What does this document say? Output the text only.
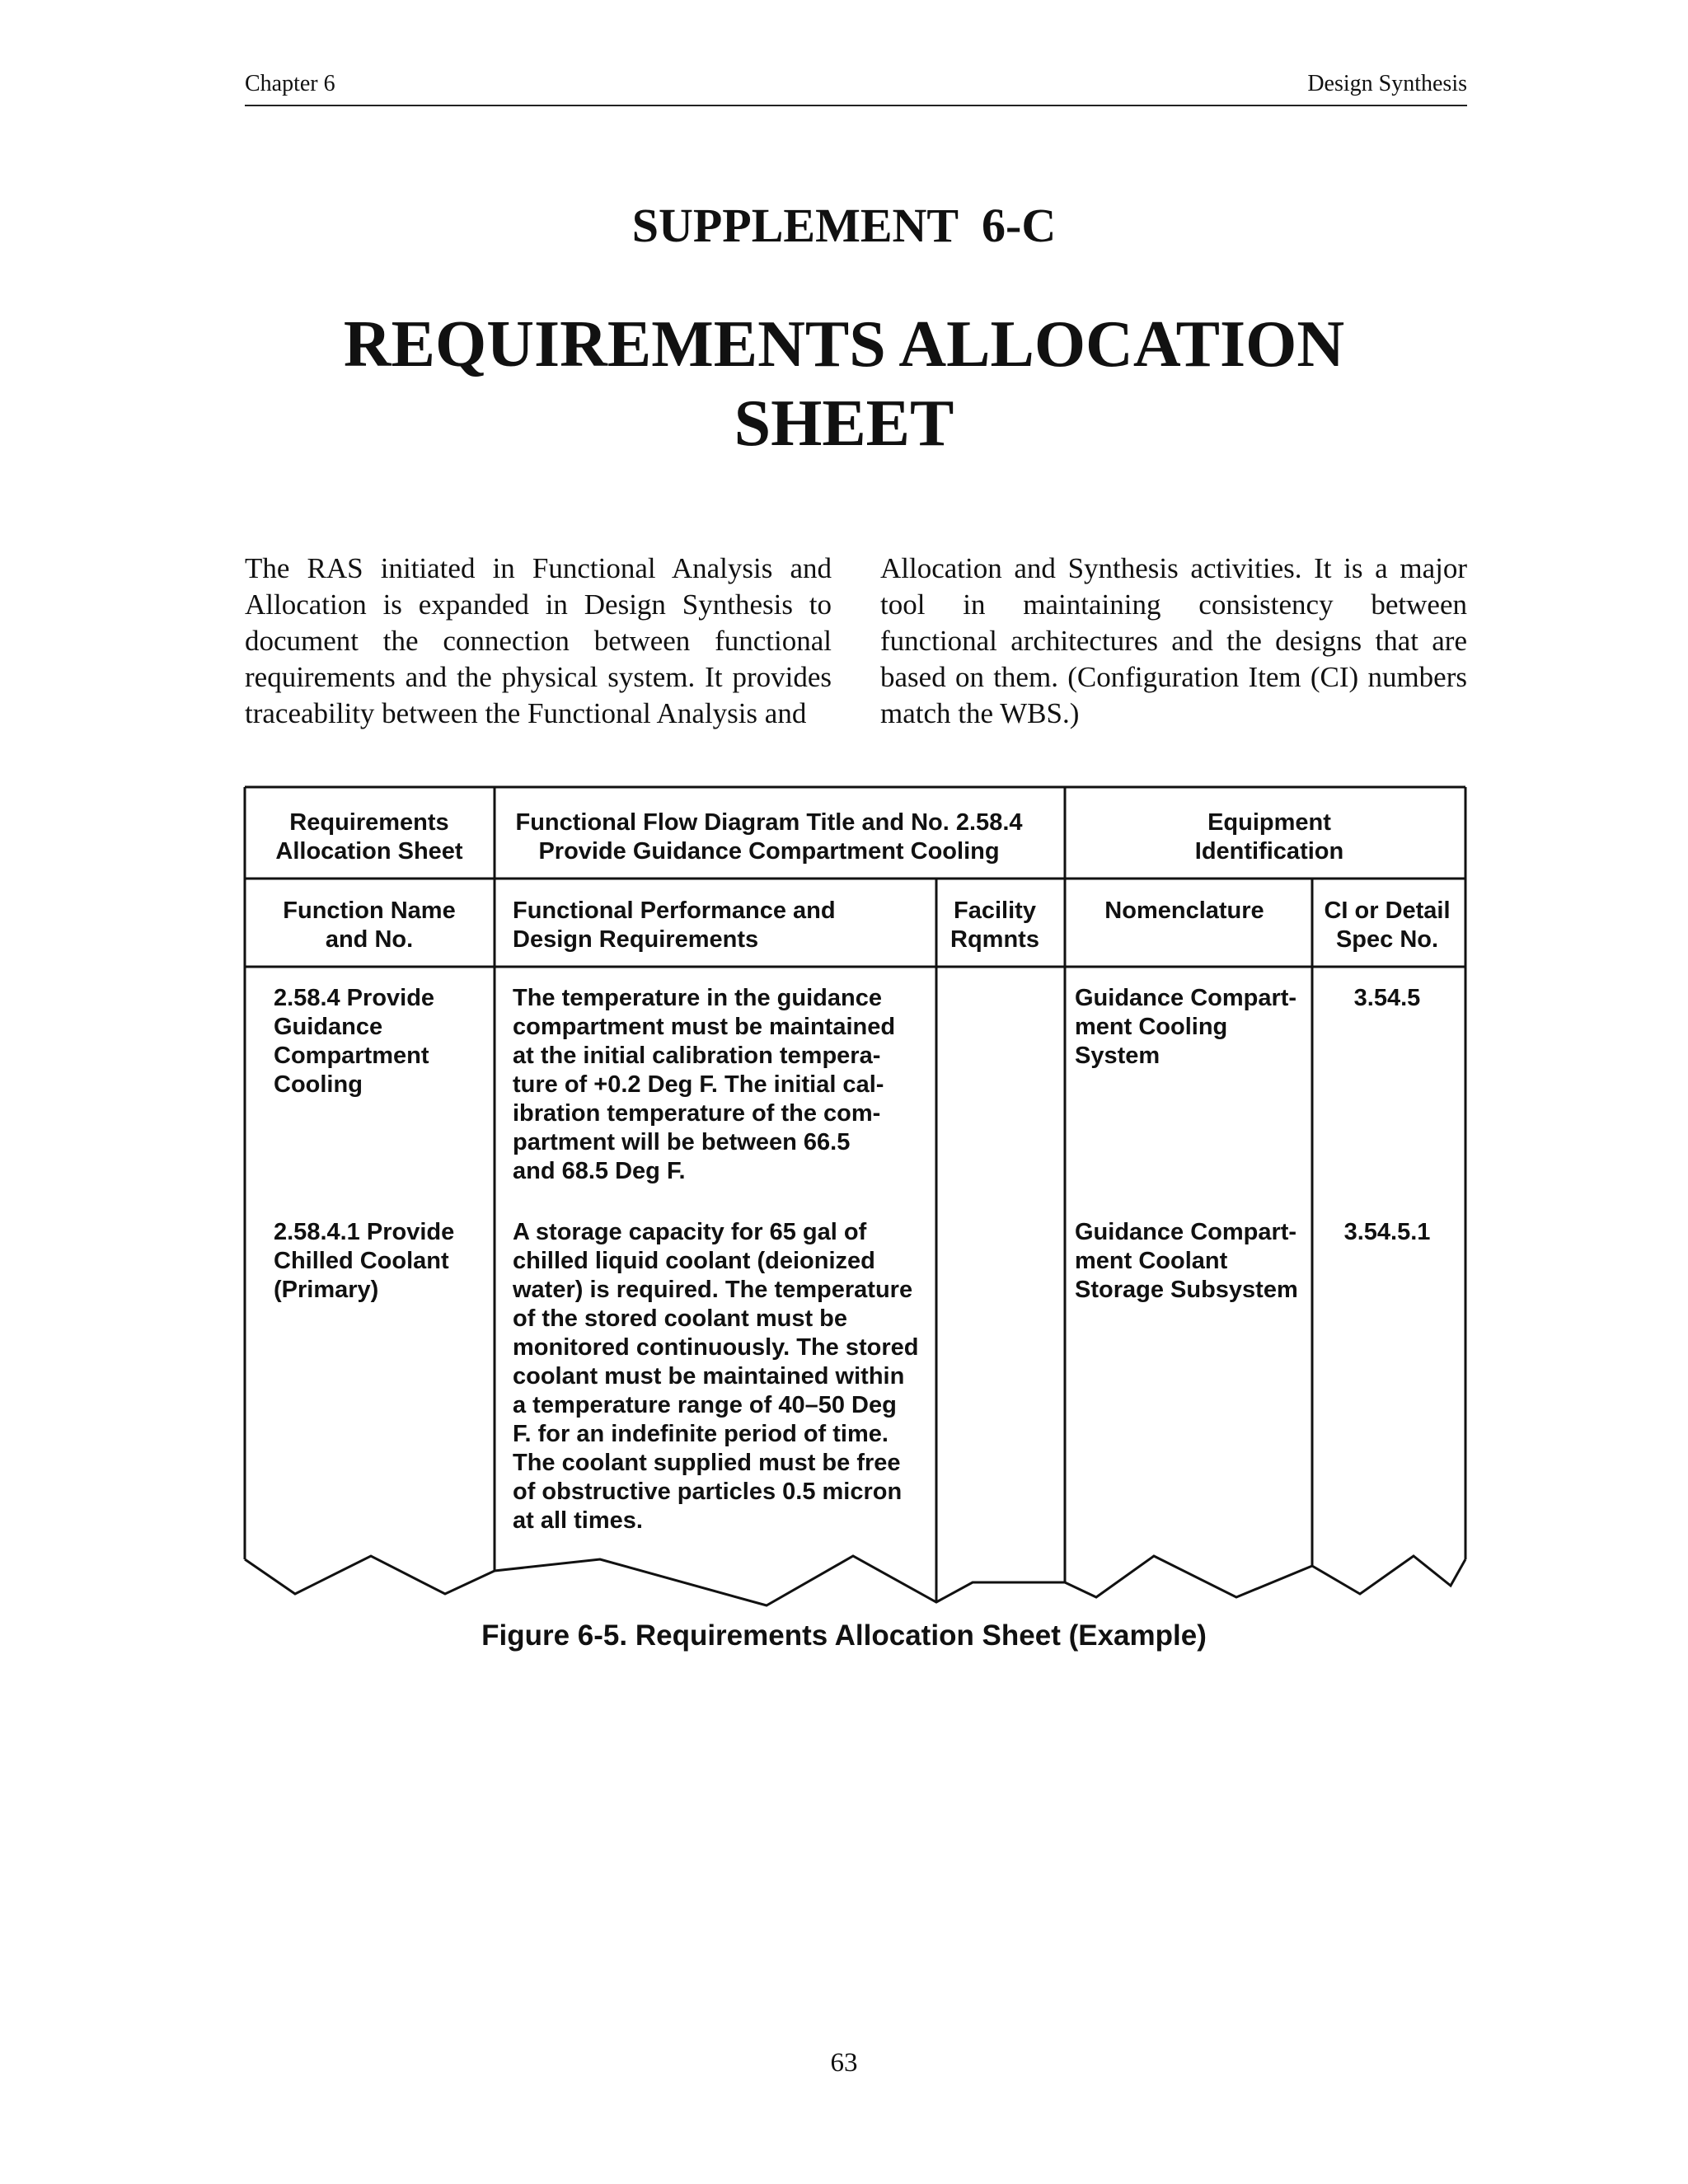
Chapter 6	Design Synthesis
SUPPLEMENT  6-C
REQUIREMENTS ALLOCATION
SHEET
The RAS initiated in Functional Analysis and Allocation is expanded in Design Synthesis to document the connection between functional requirements and the physical system. It provides traceability between the Functional Analysis and
Allocation and Synthesis activities. It is a major tool in maintaining consistency between functional architectures and the designs that are based on them. (Configuration Item (CI) numbers match the WBS.)
Requirements
Allocation Sheet
Functional Flow Diagram Title and No. 2.58.4
Provide Guidance Compartment Cooling
Equipment
Identification
Function Name
and No.
Functional Performance and
Design Requirements
Facility
Rqmnts
Nomenclature	CI or Detail
Spec No.
2.58.4 Provide
Guidance
Compartment
Cooling
The temperature in the guidance
compartment must be maintained
at the initial calibration tempera-
ture of +0.2 Deg F. The initial cal-
ibration temperature of the com-
partment will be between 66.5
and 68.5 Deg F.
Guidance Compart-
ment Cooling
System
3.54.5
2.58.4.1 Provide
Chilled Coolant
(Primary)
A storage capacity for 65 gal of
chilled liquid coolant (deionized
water) is required. The temperature
of the stored coolant must be
monitored continuously. The stored
coolant must be maintained within
a temperature range of 40–50 Deg
F. for an indefinite period of time.
The coolant supplied must be free
of obstructive particles 0.5 micron
at all times.
Guidance Compart-
ment Coolant
Storage Subsystem
3.54.5.1
Figure 6-5. Requirements Allocation Sheet (Example)
63
